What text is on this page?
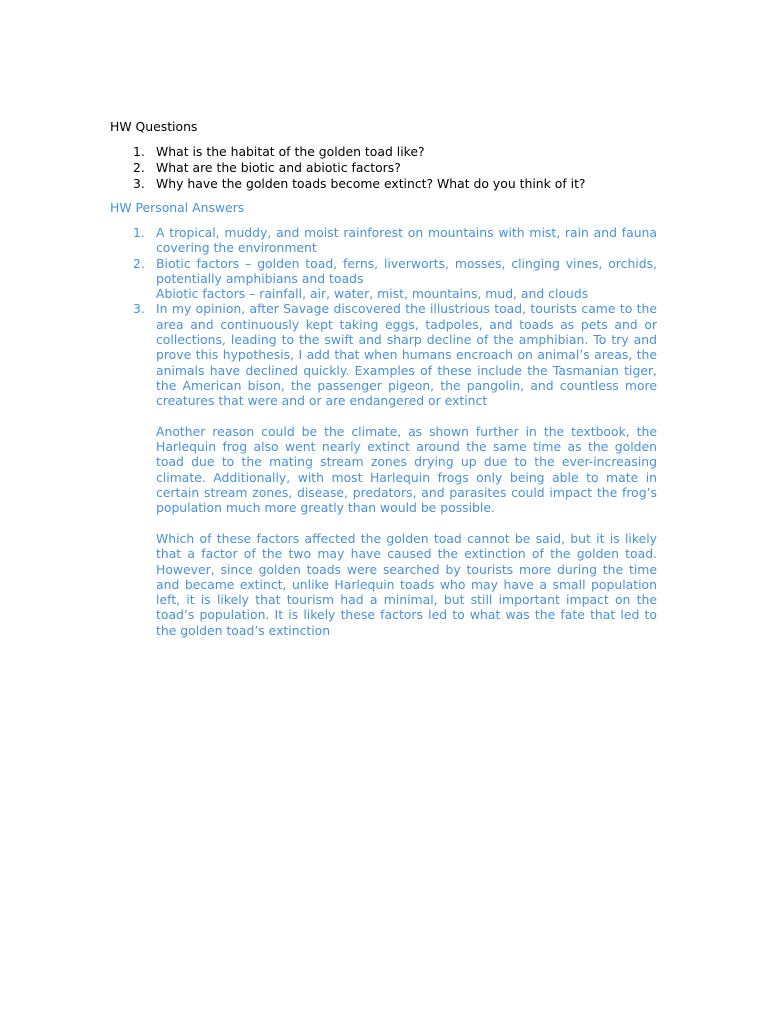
HW Questions
1. What is the habitat of the golden toad like?
2. What are the biotic and abiotic factors?
3. Why have the golden toads become extinct? What do you think of it?
HW Personal Answers
1. A tropical, muddy, and moist rainforest on mountains with mist, rain and fauna covering the environment

2. Biotic factors – golden toad, ferns, liverworts, mosses, clinging vines, orchids, potentially amphibians and toads

Abiotic factors – rainfall, air, water, mist, mountains, mud, and clouds

3. In my opinion, after Savage discovered the illustrious toad, tourists came to the area and continuously kept taking eggs, tadpoles, and toads as pets and or collections, leading to the swift and sharp decline of the amphibian. To try and prove this hypothesis, I add that when humans encroach on animal’s areas, the animals have declined quickly. Examples of these include the Tasmanian tiger, the American bison, the passenger pigeon, the pangolin, and countless more creatures that were and or are endangered or extinct

Another reason could be the climate, as shown further in the textbook, the Harlequin frog also went nearly extinct around the same time as the golden toad due to the mating stream zones drying up due to the ever-increasing climate. Additionally, with most Harlequin frogs only being able to mate in certain stream zones, disease, predators, and parasites could impact the frog’s population much more greatly than would be possible.

Which of these factors affected the golden toad cannot be said, but it is likely that a factor of the two may have caused the extinction of the golden toad. However, since golden toads were searched by tourists more during the time and became extinct, unlike Harlequin toads who may have a small population left, it is likely that tourism had a minimal, but still important impact on the toad’s population. It is likely these factors led to what was the fate that led to the golden toad’s extinction
